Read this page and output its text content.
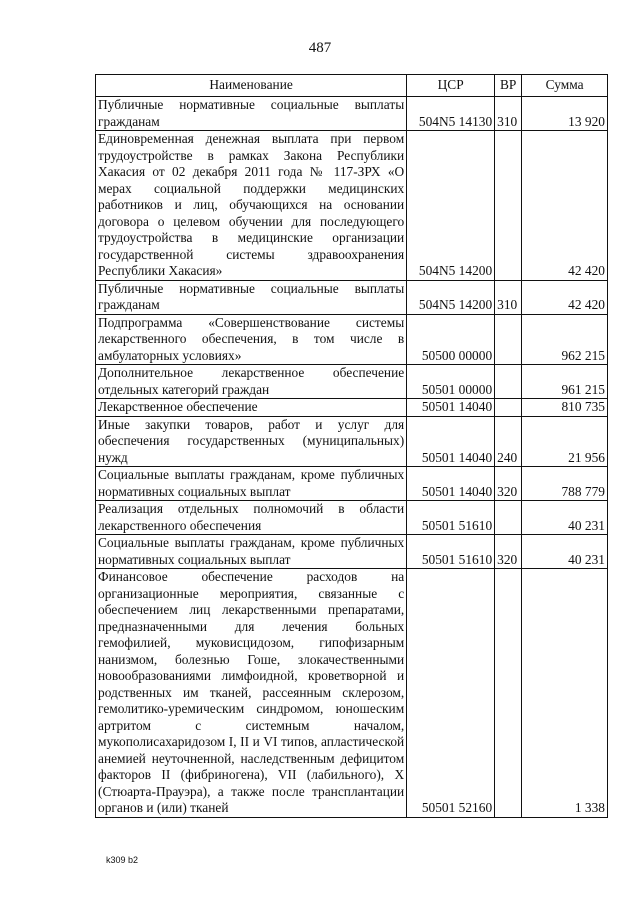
487
Наименование	ЦСР	ВР	Сумма

Публичные нормативные социальные выплаты гражданам	504N5 14130	310	13 920

Единовременная денежная выплата при первом трудоустройстве в рамках Закона Республики Хакасия от 02 декабря 2011 года № 117-ЗРХ «О мерах социальной поддержки медицинских работников и лиц, обучающихся на основании договора о целевом обучении для последующего трудоустройства в медицинские организации государственной системы здравоохранения Республики Хакасия»	504N5 14200		42 420

Публичные нормативные социальные выплаты гражданам	504N5 14200	310	42 420

Подпрограмма «Совершенствование системы лекарственного обеспечения, в том числе в амбулаторных условиях»	50500 00000		962 215

Дополнительное лекарственное обеспечение отдельных категорий граждан	50501 00000		961 215

Лекарственное обеспечение	50501 14040		810 735

Иные закупки товаров, работ и услуг для обеспечения государственных (муниципальных) нужд	50501 14040	240	21 956

Социальные выплаты гражданам, кроме публичных нормативных социальных выплат	50501 14040	320	788 779

Реализация отдельных полномочий в области лекарственного обеспечения	50501 51610		40 231

Социальные выплаты гражданам, кроме публичных нормативных социальных выплат	50501 51610	320	40 231

Финансовое обеспечение расходов на организационные мероприятия, связанные с обеспечением лиц лекарственными препаратами, предназначенными для лечения больных гемофилией, муковисцидозом, гипофизарным нанизмом, болезнью Гоше, злокачественными новообразованиями лимфоидной, кроветворной и родственных им тканей, рассеянным склерозом, гемолитико-уремическим синдромом, юношеским артритом с системным началом, мукополисахаридозом I, II и VI типов, апластической анемией неуточненной, наследственным дефицитом факторов II (фибриногена), VII (лабильного), X (Стюарта-Прауэра), а также после трансплантации органов и (или) тканей	50501 52160		1 338
k309 b2
